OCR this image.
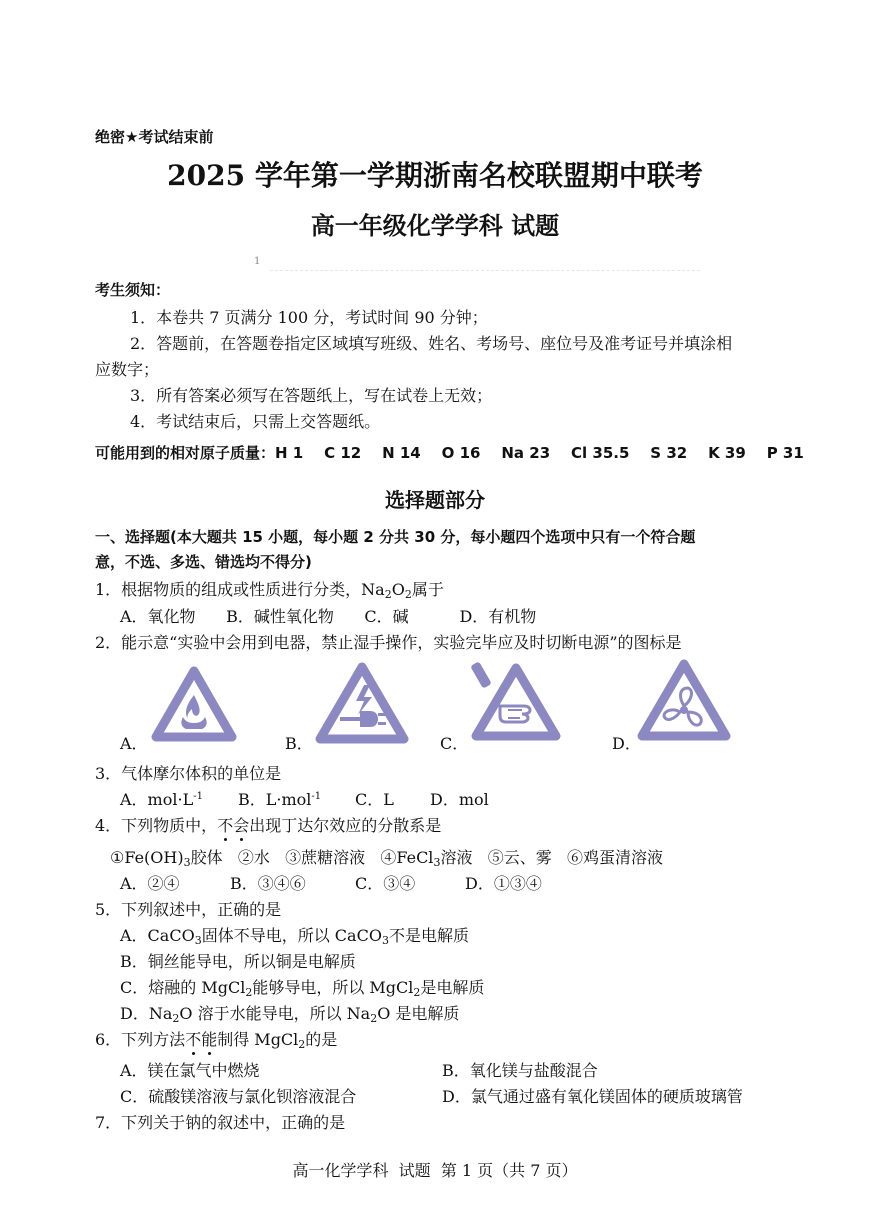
绝密★考试结束前
2025 学年第一学期浙南名校联盟期中联考
高一年级化学学科 试题
1
考生须知：
1．本卷共 7 页满分 100 分，考试时间 90 分钟；
2．答题前，在答题卷指定区域填写班级、姓名、考场号、座位号及准考证号并填涂相
应数字；
3．所有答案必须写在答题纸上，写在试卷上无效；
4．考试结束后，只需上交答题纸。
可能用到的相对原子质量：H 1    C 12    N 14    O 16    Na 23    Cl 35.5    S 32    K 39    P 31
选择题部分
一、选择题(本大题共 15 小题，每小题 2 分共 30 分，每小题四个选项中只有一个符合题
意，不选、多选、错选均不得分)
1．根据物质的组成或性质进行分类，$Na_2O_2$属于
A．氧化物      B．碱性氧化物      C．碱          D．有机物
2．能示意“实验中会用到电器，禁止湿手操作，实验完毕应及时切断电源”的图标是
A．	B．	C．	D．
3．气体摩尔体积的单位是
A．$mol\cdot L^{-1}$ B．L·mol$^{-1}$ C．L D．mol
4．下列物质中，不会出现丁达尔效应的分散系是
$①Fe(OH)_3$胶体   ②水   ③蔗糖溶液   ④FeCl$_3$溶液   ⑤云、雾   ⑥鸡蛋清溶液
A．②④	B．③④⑥	C．③④	D．①③④
5．下列叙述中，正确的是
A．CaCO$_3$固体不导电，所以 CaCO$_3$不是电解质
B．铜丝能导电，所以铜是电解质
C．熔融的 MgCl$_2$能够导电，所以 MgCl$_2$是电解质
D．$Na_2O$ 溶于水能导电，所以 $Na_2O$ 是电解质
6．下列方法不能制得 MgCl$_2$的是
A．镁在氯气中燃烧	B．氧化镁与盐酸混合
C．硫酸镁溶液与氯化钡溶液混合	D．氯气通过盛有氧化镁固体的硬质玻璃管
7．下列关于钠的叙述中，正确的是
高一化学学科  试题  第 1 页（共 7 页）
